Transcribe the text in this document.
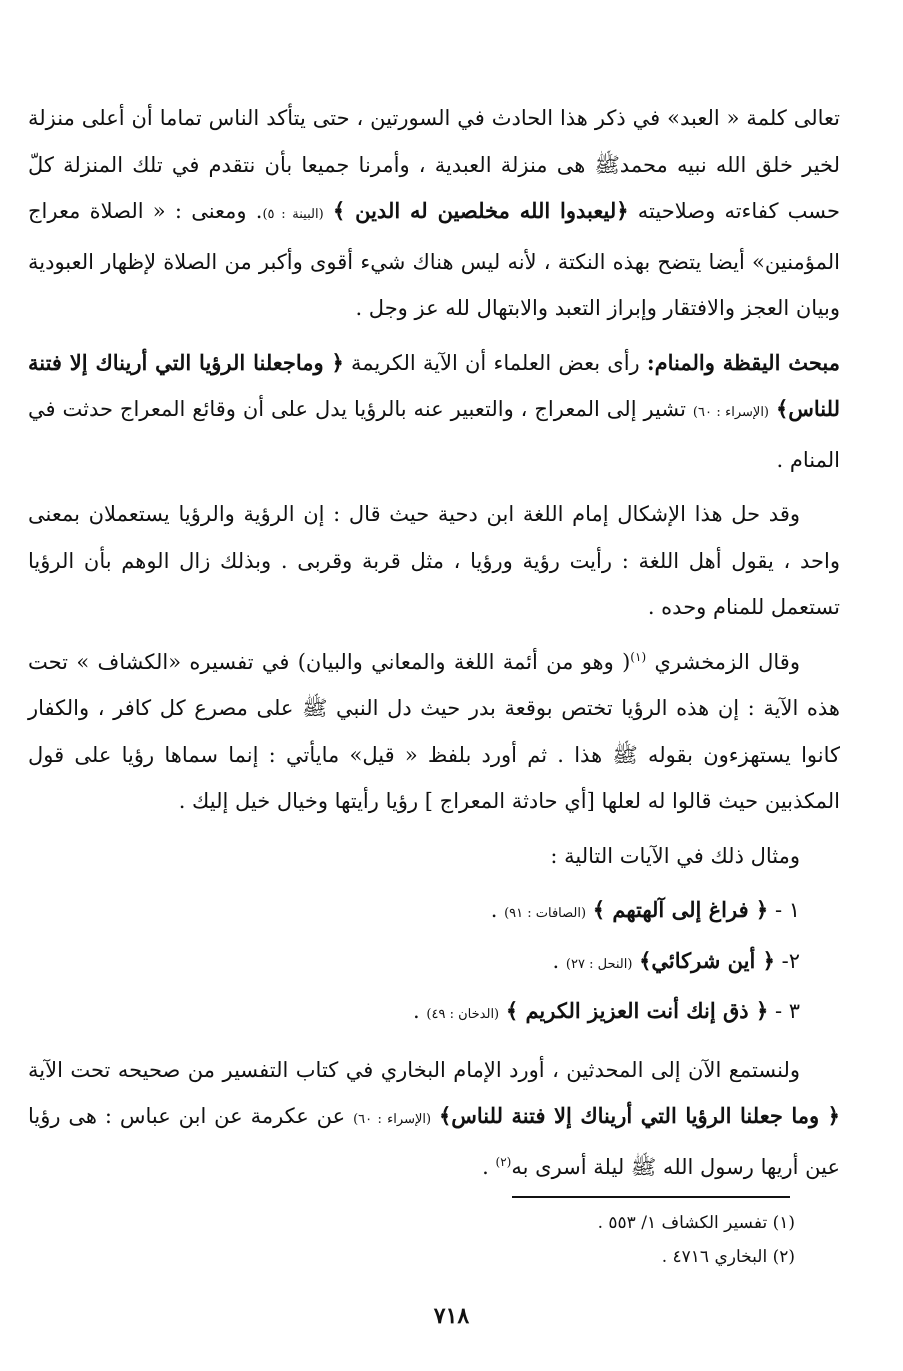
تعالى كلمة « العبد» في ذكر هذا الحادث في السورتين ، حتى يتأكد الناس تماما أن أعلى منزلة لخير خلق الله نبيه محمدﷺ هى منزلة العبدية ، وأمرنا جميعا بأن نتقدم في تلك المنزلة كلّ حسب كفاءته وصلاحيته ﴿ليعبدوا الله مخلصين له الدين ﴾ (البينة : ٥). ومعنى : « الصلاة معراج المؤمنين» أيضا يتضح بهذه النكتة ، لأنه ليس هناك شيء أقوى وأكبر من الصلاة لإظهار العبودية وبيان العجز والافتقار وإبراز التعبد والابتهال لله عز وجل .

مبحث اليقظة والمنام: رأى بعض العلماء أن الآية الكريمة ﴿ وماجعلنا الرؤيا التي أريناك إلا فتنة للناس﴾ (الإسراء : ٦٠) تشير إلى المعراج ، والتعبير عنه بالرؤيا يدل على أن وقائع المعراج حدثت في المنام .

وقد حل هذا الإشكال إمام اللغة ابن دحية حيث قال : إن الرؤية والرؤيا يستعملان بمعنى واحد ، يقول أهل اللغة : رأيت رؤية ورؤيا ، مثل قربة وقربى . وبذلك زال الوهم بأن الرؤيا تستعمل للمنام وحده .

وقال الزمخشري $^{(١)}$( وهو من أئمة اللغة والمعاني والبيان) في تفسيره «الكشاف » تحت هذه الآية : إن هذه الرؤيا تختص بوقعة بدر حيث دل النبي ﷺ على مصرع كل كافر ، والكفار كانوا يستهزءون بقوله ﷺ هذا . ثم أورد بلفظ « قيل» مايأتي : إنما سماها رؤيا على قول المكذبين حيث قالوا له لعلها [أي حادثة المعراج ] رؤيا رأيتها وخيال خيل إليك .

ومثال ذلك في الآيات التالية :

١ - ﴿ فراغ إلى آلهتهم ﴾ (الصافات : ٩١) .
٢- ﴿ أين شركائي﴾ (النحل : ٢٧) .
٣ - ﴿ ذق إنك أنت العزيز الكريم ﴾ (الدخان : ٤٩) .

ولنستمع الآن إلى المحدثين ، أورد الإمام البخاري في كتاب التفسير من صحيحه تحت الآية ﴿ وما جعلنا الرؤيا التي أريناك إلا فتنة للناس﴾ (الإسراء : ٦٠) عن عكرمة عن ابن عباس : هى رؤيا عين أريها رسول الله ﷺ ليلة أسرى به$^{(٢)}$ .

(١) تفسير الكشاف ١/ ٥٥٣ .
(٢) البخاري ٤٧١٦ .
٧١٨
